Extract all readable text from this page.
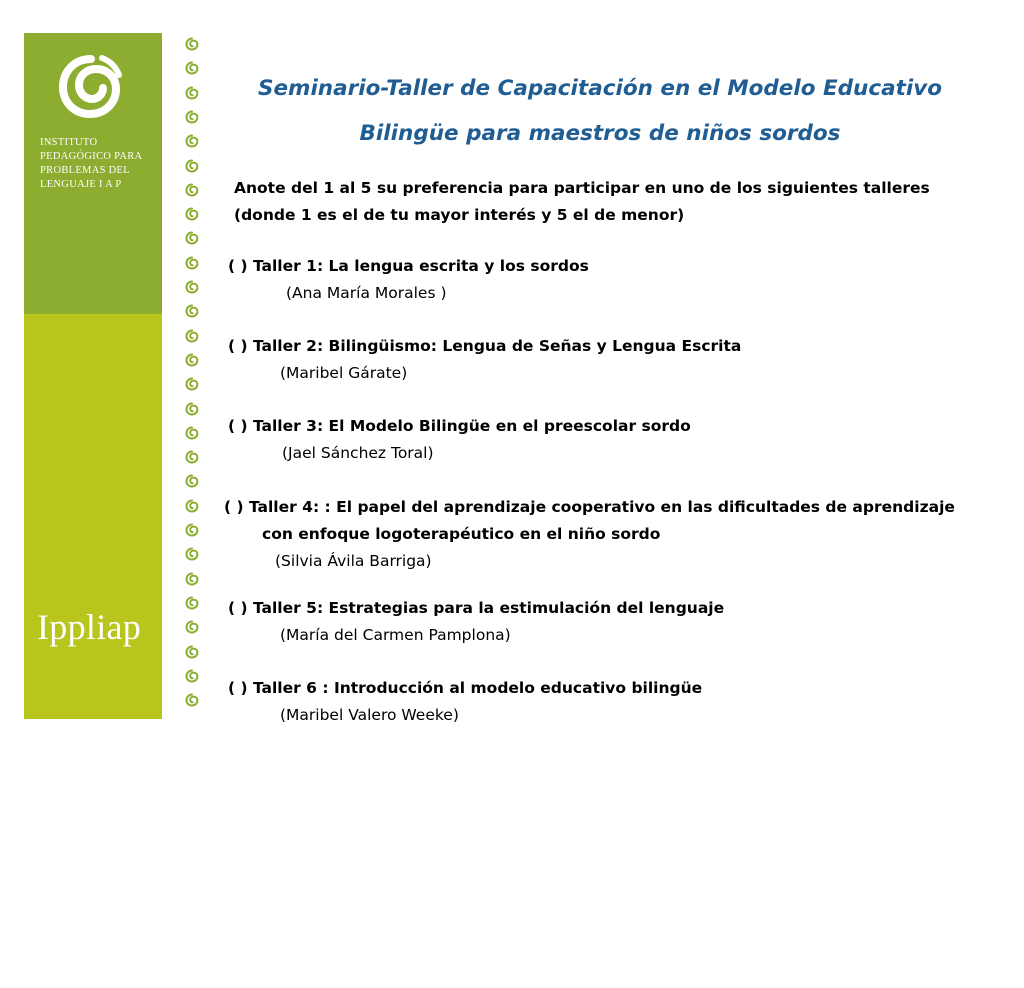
INSTITUTO
PEDAGÓGICO PARA
PROBLEMAS DEL
LENGUAJE I A P
Ippliap
www.ippliap.edu.mx
Seminario-Taller de Capacitación en el Modelo Educativo
Bilingüe para maestros de niños sordos
Anote del 1 al 5 su preferencia para participar en uno de los siguientes talleres
(donde 1 es el de tu mayor interés y 5 el de menor)
( ) Taller 1: La lengua escrita y los sordos
(Ana María Morales )
( ) Taller 2: Bilingüismo: Lengua de Señas y Lengua Escrita
(Maribel Gárate)
( ) Taller 3: El Modelo Bilingüe en el preescolar sordo
(Jael Sánchez Toral)
( ) Taller 4: : El papel del aprendizaje cooperativo en las dificultades de aprendizaje
con enfoque logoterapéutico en el niño sordo
(Silvia Ávila Barriga)
( ) Taller 5: Estrategias para la estimulación del lenguaje
(María del Carmen Pamplona)
( ) Taller 6 : Introducción al modelo educativo bilingüe
(Maribel Valero Weeke)
